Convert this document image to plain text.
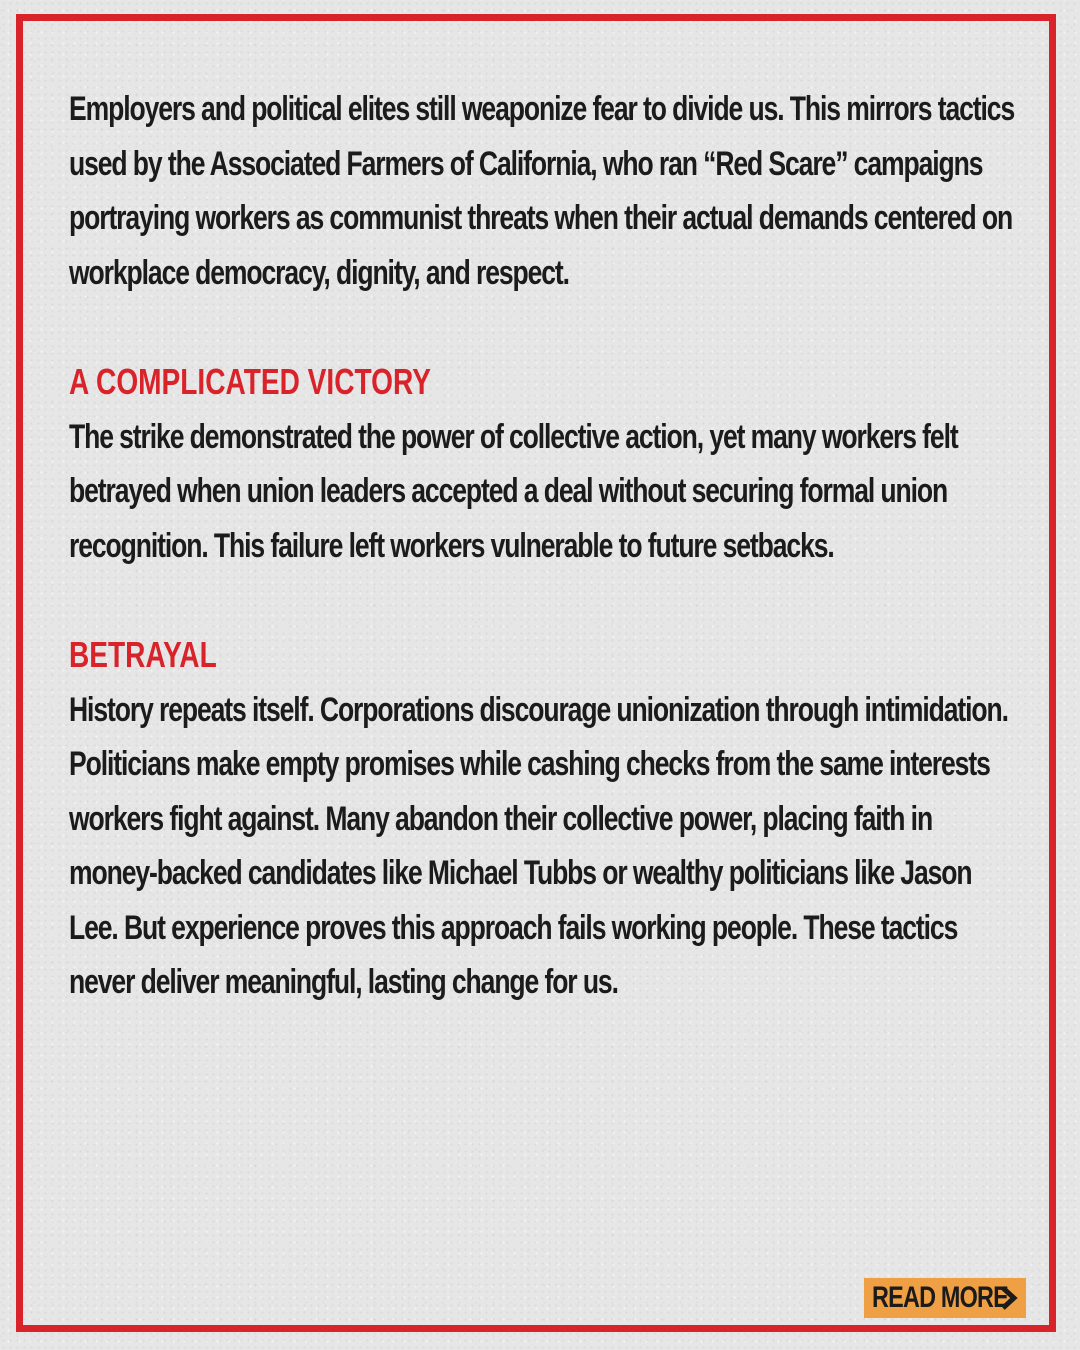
Employers and political elites still weaponize fear to divide us. This mirrors tactics used by the Associated Farmers of California, who ran “Red Scare” campaigns portraying workers as communist threats when their actual demands centered on workplace democracy, dignity, and respect.

A COMPLICATED VICTORY

The strike demonstrated the power of collective action, yet many workers felt betrayed when union leaders accepted a deal without securing formal union recognition. This failure left workers vulnerable to future setbacks.

BETRAYAL

History repeats itself. Corporations discourage unionization through intimidation. Politicians make empty promises while cashing checks from the same interests workers fight against. Many abandon their collective power, placing faith in money-backed candidates like Michael Tubbs or wealthy politicians like Jason Lee. But experience proves this approach fails working people. These tactics never deliver meaningful, lasting change for us.

READ MORE
